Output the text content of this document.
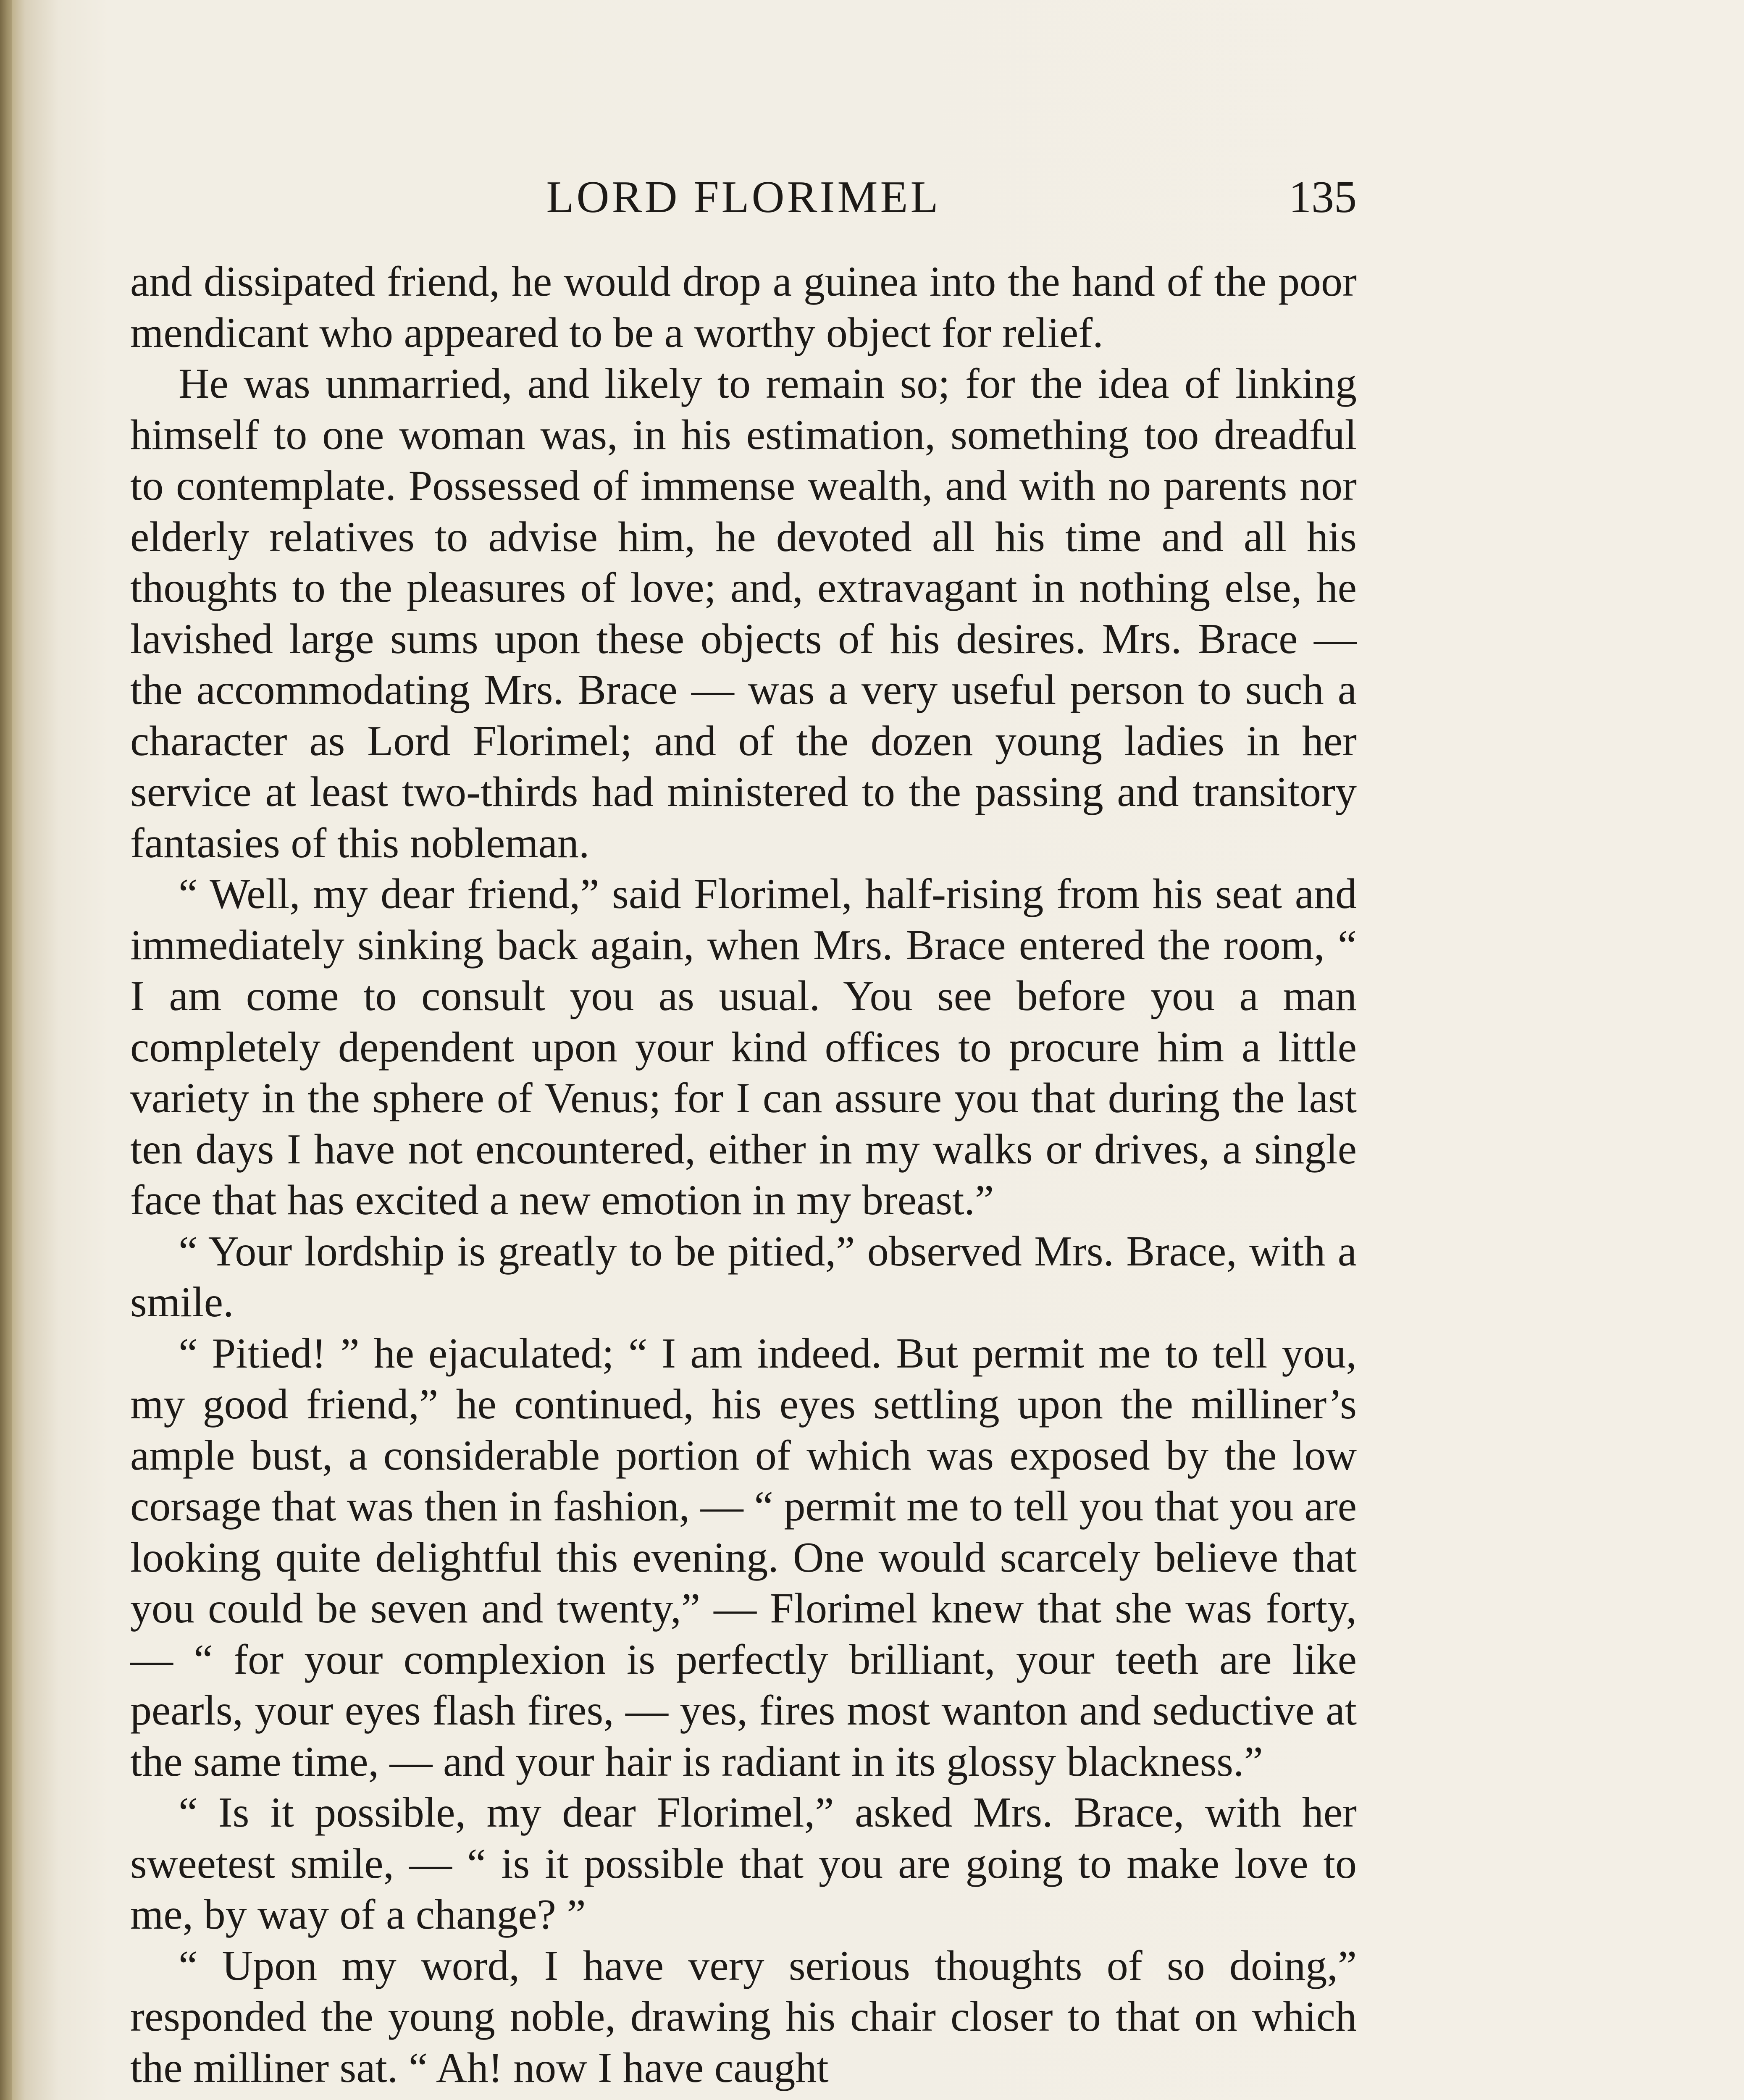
LORD FLORIMEL	135

and dissipated friend, he would drop a guinea into the hand of the poor mendicant who appeared to be a worthy object for relief.

He was unmarried, and likely to remain so; for the idea of linking himself to one woman was, in his estimation, something too dreadful to contemplate. Possessed of immense wealth, and with no parents nor elderly relatives to advise him, he devoted all his time and all his thoughts to the pleasures of love; and, extravagant in nothing else, he lavished large sums upon these objects of his desires. Mrs. Brace — the accommodating Mrs. Brace — was a very useful person to such a character as Lord Florimel; and of the dozen young ladies in her service at least two-thirds had ministered to the passing and transitory fantasies of this nobleman.

“ Well, my dear friend,” said Florimel, half-rising from his seat and immediately sinking back again, when Mrs. Brace entered the room, “ I am come to consult you as usual. You see before you a man completely dependent upon your kind offices to procure him a little variety in the sphere of Venus; for I can assure you that during the last ten days I have not encountered, either in my walks or drives, a single face that has excited a new emotion in my breast.”

“ Your lordship is greatly to be pitied,” observed Mrs. Brace, with a smile.

“ Pitied! ” he ejaculated; “ I am indeed. But permit me to tell you, my good friend,” he continued, his eyes settling upon the milliner’s ample bust, a considerable portion of which was exposed by the low corsage that was then in fashion, — “ permit me to tell you that you are looking quite delightful this evening. One would scarcely believe that you could be seven and twenty,” — Florimel knew that she was forty, — “ for your complexion is perfectly brilliant, your teeth are like pearls, your eyes flash fires, — yes, fires most wanton and seductive at the same time, — and your hair is radiant in its glossy blackness.”

“ Is it possible, my dear Florimel,” asked Mrs. Brace, with her sweetest smile, — “ is it possible that you are going to make love to me, by way of a change? ”

“ Upon my word, I have very serious thoughts of so doing,” responded the young noble, drawing his chair closer to that on which the milliner sat. “ Ah! now I have caught
